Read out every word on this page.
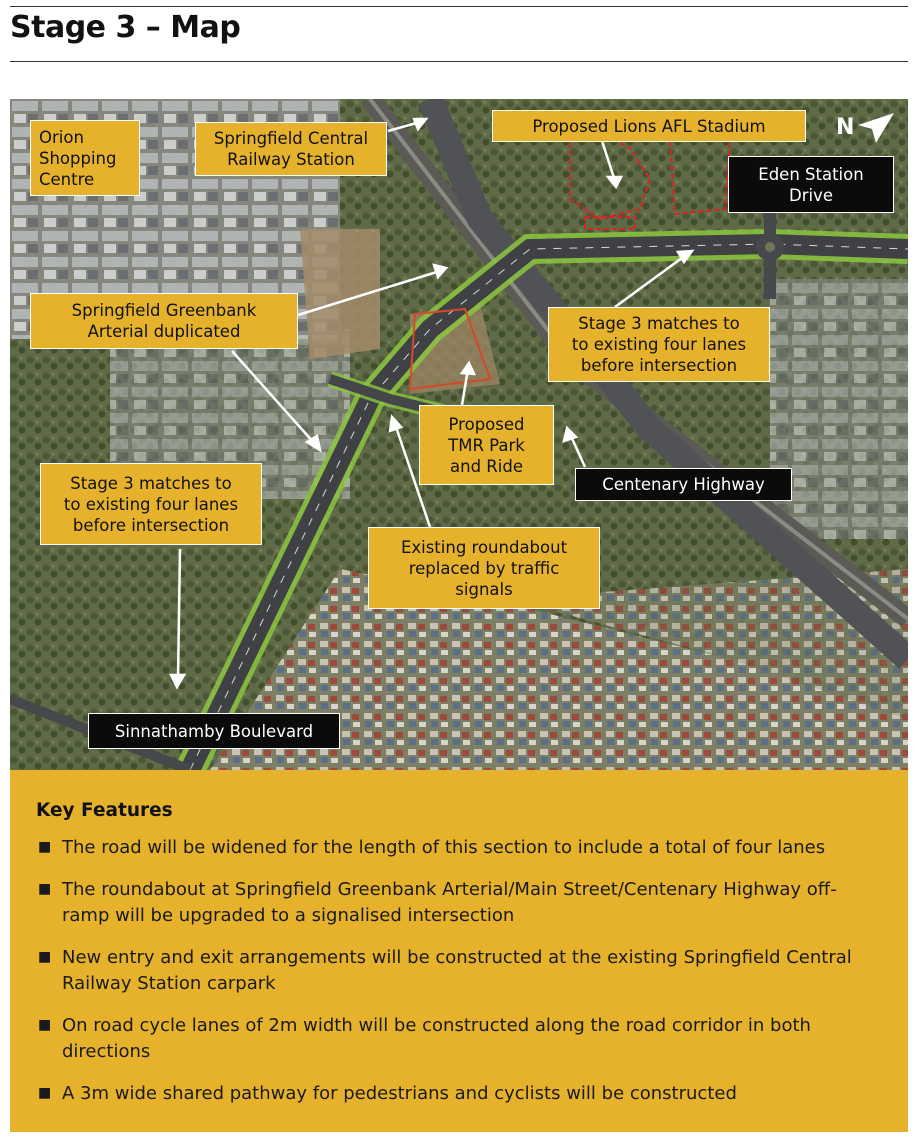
Stage 3 – Map
N
Orion
Shopping
Centre
Springfield Central
Railway Station
Proposed Lions AFL Stadium
Eden Station
Drive
Springfield Greenbank
Arterial duplicated	Stage 3 matches to
to existing four lanes
before intersection
Proposed
TMR Park
and Ride
Centenary Highway
Stage 3 matches to
to existing four lanes
before intersection
Existing roundabout
replaced by traffic
signals
Sinnathamby Boulevard
Key Features
■ The road will be widened for the length of this section to include a total of four lanes
■ The roundabout at Springfield Greenbank Arterial/Main Street/Centenary Highway off-ramp will be upgraded to a signalised intersection
■ New entry and exit arrangements will be constructed at the existing Springfield Central Railway Station carpark
■ On road cycle lanes of 2m width will be constructed along the road corridor in both directions
■ A 3m wide shared pathway for pedestrians and cyclists will be constructed
